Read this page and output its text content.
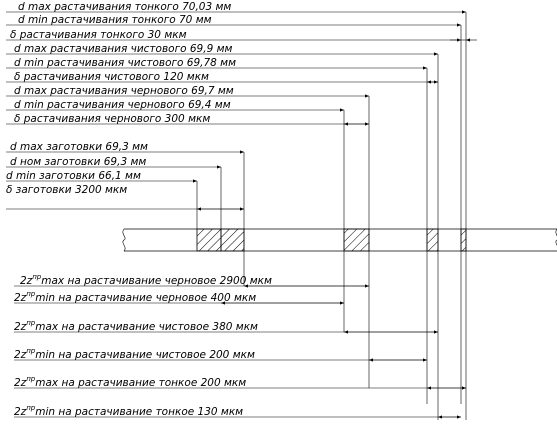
d max растачивания тонкого 70,03 мм
d min растачивания тонкого 70 мм
δ растачивания тонкого 30 мкм
d max растачивания чистового 69,9 мм
d min растачивания чистового 69,78 мм
δ растачивания чистового 120 мкм
d max растачивания чернового 69,7 мм
d min растачивания чернового 69,4 мм
δ растачивания чернового 300 мкм
d max заготовки 69,3 мм
d ном заготовки 69,3 мм
d min заготовки 66,1 мм
δ заготовки 3200 мкм
$2z^{пр}\max$ на растачивание черновое 2900 мкм
$2z^{пр}\min$ на растачивание черновое 400 мкм
$2z^{пр}\max$ на растачивание чистовое 380 мкм
$2z^{пр}\min$ на растачивание чистовое 200 мкм
$2z^{пр}\max$ на растачивание тонкое 200 мкм
$2z^{пр}\min$ на растачивание тонкое 130 мкм
